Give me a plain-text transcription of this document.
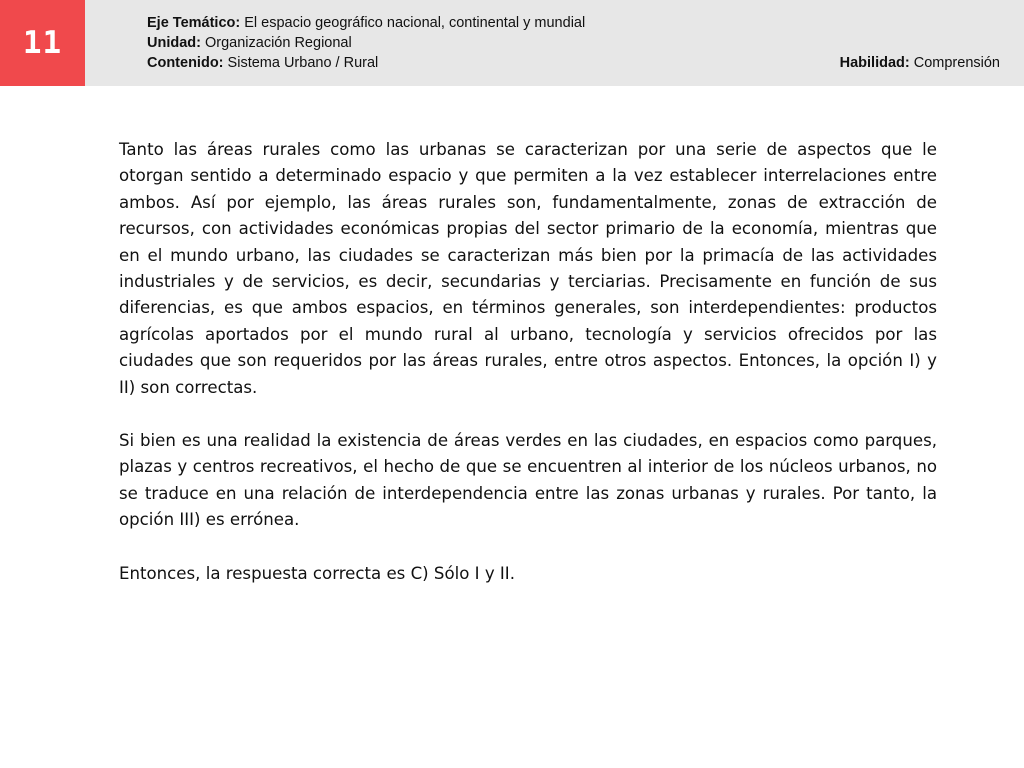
11
Eje Temático: El espacio geográfico nacional, continental y mundial
Unidad: Organización Regional
Contenido: Sistema Urbano / Rural	Habilidad: Comprensión

Tanto las áreas rurales como las urbanas se caracterizan por una serie de aspectos que le otorgan sentido a determinado espacio y que permiten a la vez establecer interrelaciones entre ambos. Así por ejemplo, las áreas rurales son, fundamentalmente, zonas de extracción de recursos, con actividades económicas propias del sector primario de la economía, mientras que en el mundo urbano, las ciudades se caracterizan más bien por la primacía de las actividades industriales y de servicios, es decir, secundarias y terciarias. Precisamente en función de sus diferencias, es que ambos espacios, en términos generales, son interdependientes: productos agrícolas aportados por el mundo rural al urbano, tecnología y servicios ofrecidos por las ciudades que son requeridos por las áreas rurales, entre otros aspectos. Entonces, la opción I) y II) son correctas.

Si bien es una realidad la existencia de áreas verdes en las ciudades, en espacios como parques, plazas y centros recreativos, el hecho de que se encuentren al interior de los núcleos urbanos, no se traduce en una relación de interdependencia entre las zonas urbanas y rurales. Por tanto, la opción III) es errónea.

Entonces, la respuesta correcta es C) Sólo I y II.
